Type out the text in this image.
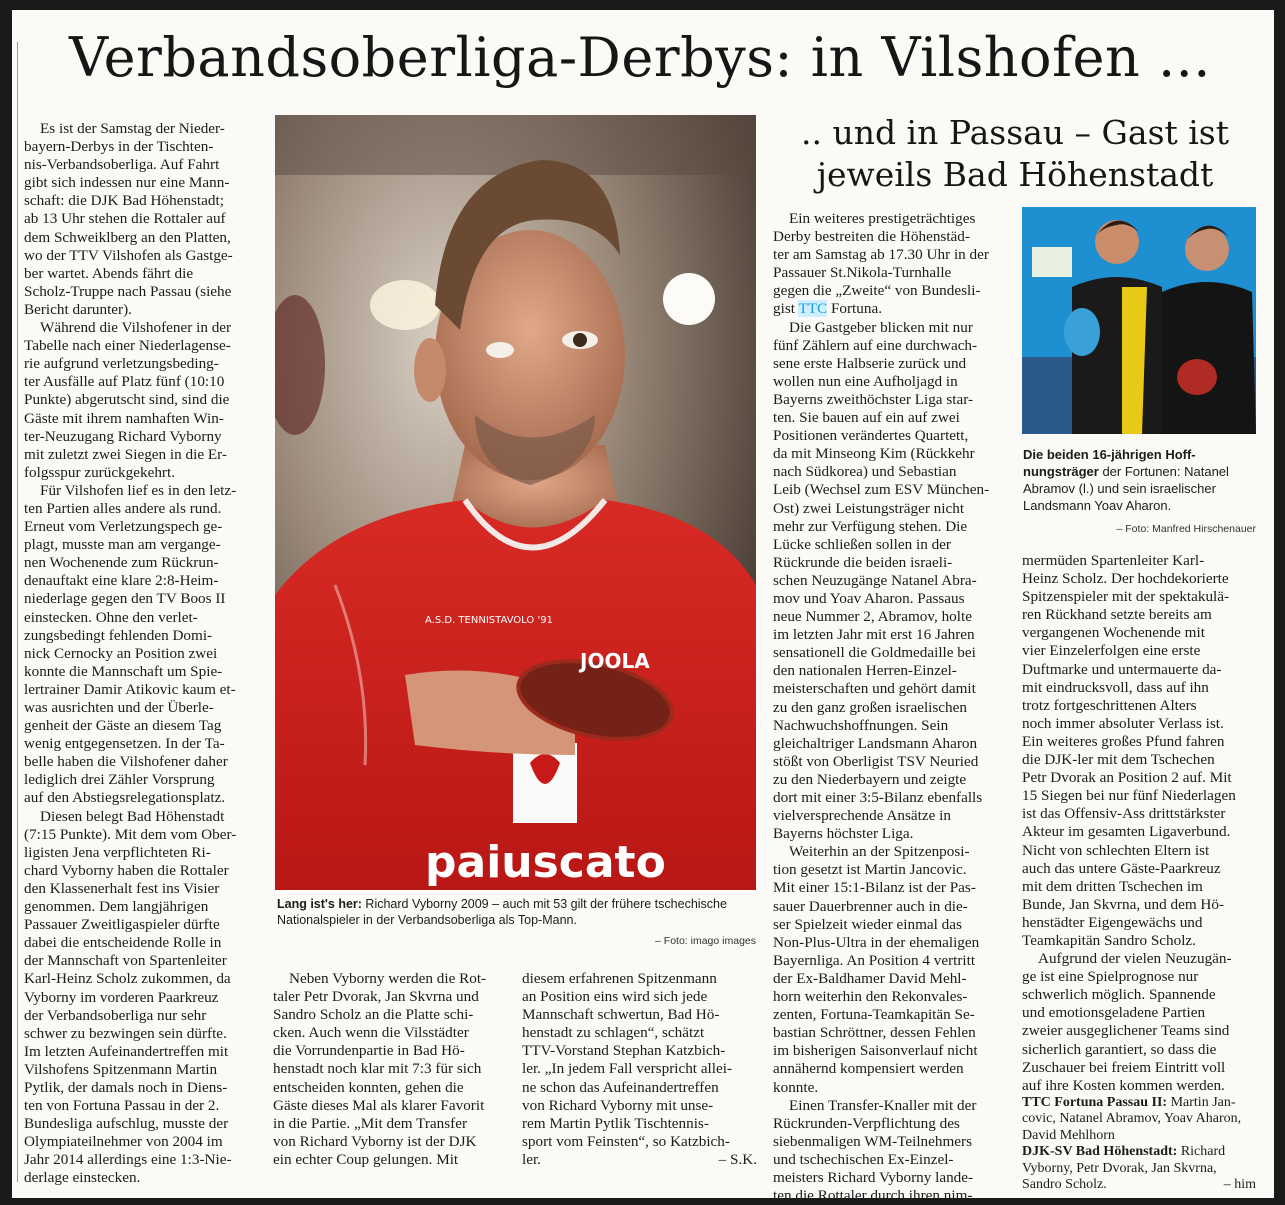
Verbandsoberliga-Derbys: in Vilshofen ...
.. und in Passau – Gast ist jeweils Bad Höhenstadt

Es ist der Samstag der Nieder-
bayern-Derbys in der Tischten-
nis-Verbandsoberliga. Auf Fahrt
gibt sich indessen nur eine Mann-
schaft: die DJK Bad Höhenstadt;
ab 13 Uhr stehen die Rottaler auf
dem Schweiklberg an den Platten,
wo der TTV Vilshofen als Gastge-
ber wartet. Abends fährt die
Scholz-Truppe nach Passau (siehe
Bericht darunter).

Während die Vilshofener in der
Tabelle nach einer Niederlagense-
rie aufgrund verletzungsbeding-
ter Ausfälle auf Platz fünf (10:10
Punkte) abgerutscht sind, sind die
Gäste mit ihrem namhaften Win-
ter-Neuzugang Richard Vyborny
mit zuletzt zwei Siegen in die Er-
folgsspur zurückgekehrt.

Für Vilshofen lief es in den letz-
ten Partien alles andere als rund.
Erneut vom Verletzungspech ge-
plagt, musste man am vergange-
nen Wochenende zum Rückrun-
denauftakt eine klare 2:8-Heim-
niederlage gegen den TV Boos II
einstecken. Ohne den verlet-
zungsbedingt fehlenden Domi-
nick Cernocky an Position zwei
konnte die Mannschaft um Spie-
lertrainer Damir Atikovic kaum et-
was ausrichten und der Überle-
genheit der Gäste an diesem Tag
wenig entgegensetzen. In der Ta-
belle haben die Vilshofener daher
lediglich drei Zähler Vorsprung
auf den Abstiegsrelegationsplatz.

Diesen belegt Bad Höhenstadt
(7:15 Punkte). Mit dem vom Ober-
ligisten Jena verpflichteten Ri-
chard Vyborny haben die Rottaler
den Klassenerhalt fest ins Visier
genommen. Dem langjährigen
Passauer Zweitligaspieler dürfte
dabei die entscheidende Rolle in
der Mannschaft von Spartenleiter
Karl-Heinz Scholz zukommen, da
Vyborny im vorderen Paarkreuz
der Verbandsoberliga nur sehr
schwer zu bezwingen sein dürfte.
Im letzten Aufeinandertreffen mit
Vilshofens Spitzenmann Martin
Pytlik, der damals noch in Diens-
ten von Fortuna Passau in der 2.
Bundesliga aufschlug, musste der
Olympiateilnehmer von 2004 im
Jahr 2014 allerdings eine 1:3-Nie-
derlage einstecken.

A.S.D. TENNISTAVOLO '91
JOOLA
paiuscato
Lang ist's her: Richard Vyborny 2009 – auch mit 53 gilt der frühere tschechische Nationalspieler in der Verbandsoberliga als Top-Mann.
– Foto: imago images

Neben Vyborny werden die Rot-
taler Petr Dvorak, Jan Skvrna und
Sandro Scholz an die Platte schi-
cken. Auch wenn die Vilsstädter
die Vorrundenpartie in Bad Hö-
henstadt noch klar mit 7:3 für sich
entscheiden konnten, gehen die
Gäste dieses Mal als klarer Favorit
in die Partie. „Mit dem Transfer
von Richard Vyborny ist der DJK
ein echter Coup gelungen. Mit

diesem erfahrenen Spitzenmann
an Position eins wird sich jede
Mannschaft schwertun, Bad Hö-
henstadt zu schlagen“, schätzt
TTV-Vorstand Stephan Katzbich-
ler. „In jedem Fall verspricht allei-
ne schon das Aufeinandertreffen
von Richard Vyborny mit unse-
rem Martin Pytlik Tischtennis-
sport vom Feinsten“, so Katzbich-
ler.	– S.K.

Ein weiteres prestigeträchtiges
Derby bestreiten die Höhenstäd-
ter am Samstag ab 17.30 Uhr in der
Passauer St.Nikola-Turnhalle
gegen die „Zweite“ von Bundesli-
gist TTC Fortuna.

Die Gastgeber blicken mit nur
fünf Zählern auf eine durchwach-
sene erste Halbserie zurück und
wollen nun eine Aufholjagd in
Bayerns zweithöchster Liga star-
ten. Sie bauen auf ein auf zwei
Positionen verändertes Quartett,
da mit Minseong Kim (Rückkehr
nach Südkorea) und Sebastian
Leib (Wechsel zum ESV München-
Ost) zwei Leistungsträger nicht
mehr zur Verfügung stehen. Die
Lücke schließen sollen in der
Rückrunde die beiden israeli-
schen Neuzugänge Natanel Abra-
mov und Yoav Aharon. Passaus
neue Nummer 2, Abramov, holte
im letzten Jahr mit erst 16 Jahren
sensationell die Goldmedaille bei
den nationalen Herren-Einzel-
meisterschaften und gehört damit
zu den ganz großen israelischen
Nachwuchshoffnungen. Sein
gleichaltriger Landsmann Aharon
stößt von Oberligist TSV Neuried
zu den Niederbayern und zeigte
dort mit einer 3:5-Bilanz ebenfalls
vielversprechende Ansätze in
Bayerns höchster Liga.

Weiterhin an der Spitzenposi-
tion gesetzt ist Martin Jancovic.
Mit einer 15:1-Bilanz ist der Pas-
sauer Dauerbrenner auch in die-
ser Spielzeit wieder einmal das
Non-Plus-Ultra in der ehemaligen
Bayernliga. An Position 4 vertritt
der Ex-Baldhamer David Mehl-
horn weiterhin den Rekonvales-
zenten, Fortuna-Teamkapitän Se-
bastian Schröttner, dessen Fehlen
im bisherigen Saisonverlauf nicht
annähernd kompensiert werden
konnte.

Einen Transfer-Knaller mit der
Rückrunden-Verpflichtung des
siebenmaligen WM-Teilnehmers
und tschechischen Ex-Einzel-
meisters Richard Vyborny lande-
ten die Rottaler durch ihren nim-

Die beiden 16-jährigen Hoff-
nungsträger der Fortunen: Natanel
Abramov (l.) und sein israelischer
Landsmann Yoav Aharon.
– Foto: Manfred Hirschenauer

mermüden Spartenleiter Karl-
Heinz Scholz. Der hochdekorierte
Spitzenspieler mit der spektakulä-
ren Rückhand setzte bereits am
vergangenen Wochenende mit
vier Einzelerfolgen eine erste
Duftmarke und untermauerte da-
mit eindrucksvoll, dass auf ihn
trotz fortgeschrittenen Alters
noch immer absoluter Verlass ist.
Ein weiteres großes Pfund fahren
die DJK-ler mit dem Tschechen
Petr Dvorak an Position 2 auf. Mit
15 Siegen bei nur fünf Niederlagen
ist das Offensiv-Ass drittstärkster
Akteur im gesamten Ligaverbund.
Nicht von schlechten Eltern ist
auch das untere Gäste-Paarkreuz
mit dem dritten Tschechen im
Bunde, Jan Skvrna, und dem Hö-
henstädter Eigengewächs und
Teamkapitän Sandro Scholz.

Aufgrund der vielen Neuzugän-
ge ist eine Spielprognose nur
schwerlich möglich. Spannende
und emotionsgeladene Partien
zweier ausgeglichener Teams sind
sicherlich garantiert, so dass die
Zuschauer bei freiem Eintritt voll
auf ihre Kosten kommen werden.

TTC Fortuna Passau II: Martin Jan-
covic, Natanel Abramov, Yoav Aharon,
David Mehlhorn

DJK-SV Bad Höhenstadt: Richard
Vyborny, Petr Dvorak, Jan Skvrna,
Sandro Scholz.	– him
